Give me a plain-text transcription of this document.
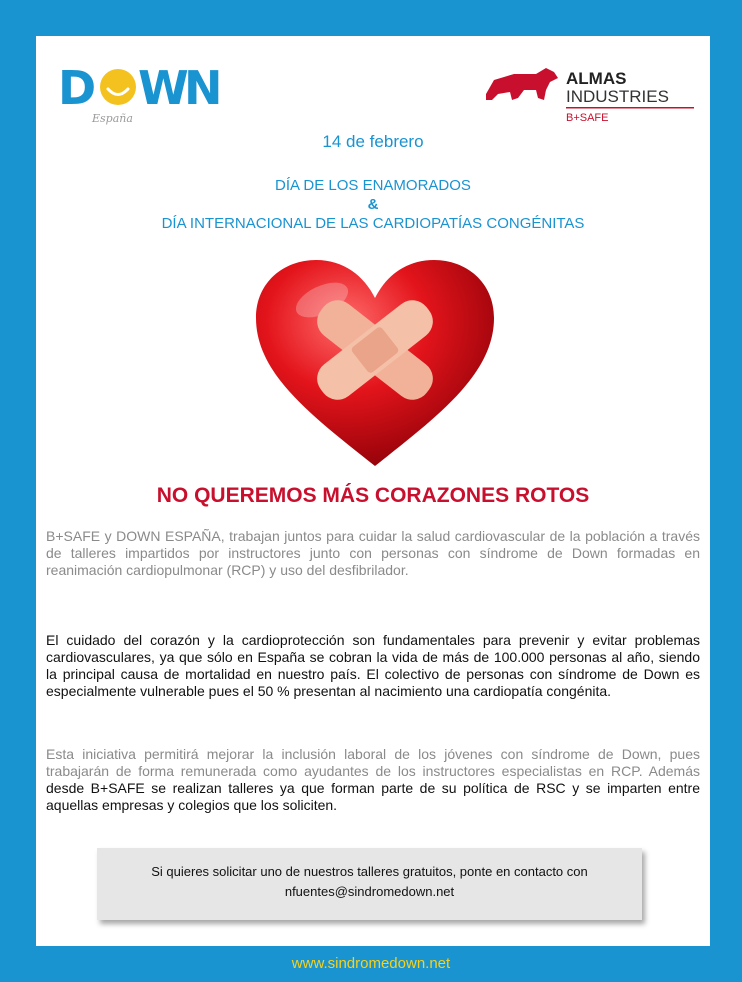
D W
N
España
ALMAS
INDUSTRIES
B+SAFE
14 de febrero
DÍA DE LOS ENAMORADOS
&
DÍA INTERNACIONAL DE LAS CARDIOPATÍAS CONGÉNITAS
NO QUEREMOS MÁS CORAZONES ROTOS

B+SAFE y DOWN ESPAÑA, trabajan juntos para cuidar la salud cardiovascular de la población a través de talleres impartidos por instructores junto con personas con síndrome de Down formadas en reanimación cardiopulmonar (RCP) y uso del desfibrilador.

El cuidado del corazón y la cardioprotección son fundamentales para prevenir y evitar problemas cardiovasculares, ya que sólo en España se cobran la vida de más de 100.000 personas al año, siendo la principal causa de mortalidad en nuestro país. El colectivo de personas con síndrome de Down es especialmente vulnerable pues el 50 % presentan al nacimiento una cardiopatía congénita.

Esta iniciativa permitirá mejorar la inclusión laboral de los jóvenes con síndrome de Down, pues trabajarán de forma remunerada como ayudantes de los instructores especialistas en RCP. Además desde B+SAFE se realizan talleres ya que forman parte de su política de RSC y se imparten entre aquellas empresas y colegios que los soliciten.

Si quieres solicitar uno de nuestros talleres gratuitos, ponte en contacto con
nfuentes@sindromedown.net
www.sindromedown.net
